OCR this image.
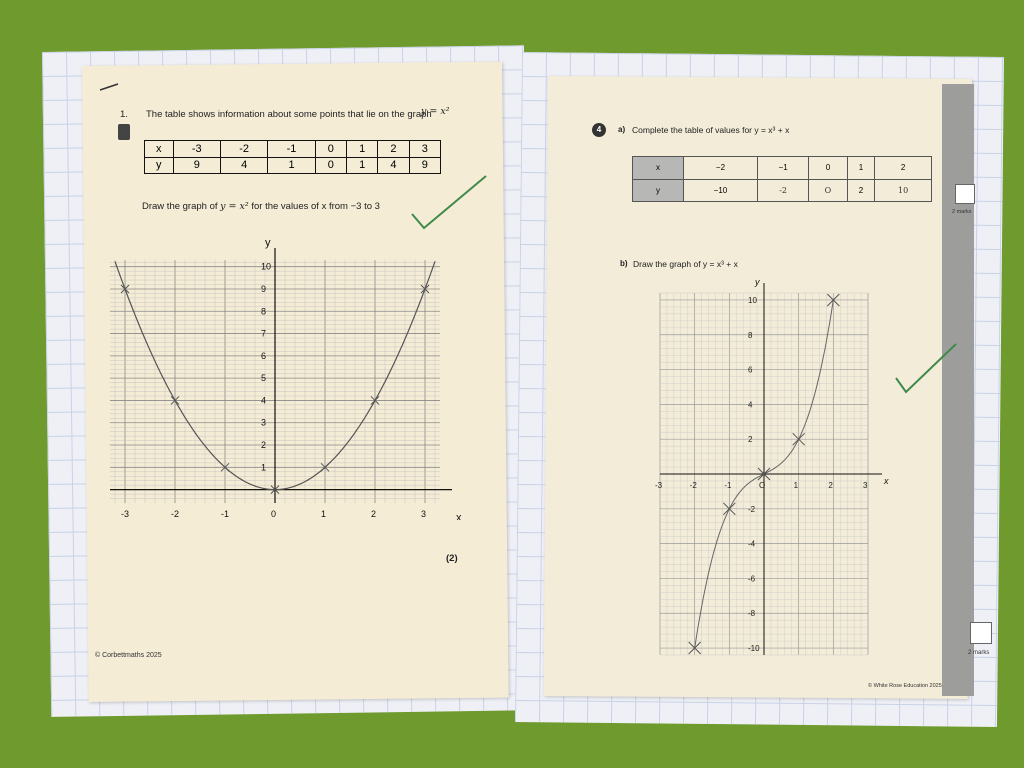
1. The table shows information about some points that lie on the graph
y = x²
x	-3	-2	-1	0	1	2	3
y	9	4	1	0	1	4	9
Draw the graph of y = x² for the values of x from −3 to 3
-3	-2	-1	0	1	2	3
1
2
3
4
5
6
7
8
9
10
x
y
(2)
© Corbettmaths 2025
4	a) Complete the table of values for y = x³ + x
x	−2	−1	0	1	2
y	−10	-2	O	2	10
2 marks
b) Draw the graph of y = x³ + x
-3	-2	-1	O	1	2	3
10
8
6
4
2
-2
-4
-6
-8
-10
x
y
2 marks
© White Rose Education 2025
